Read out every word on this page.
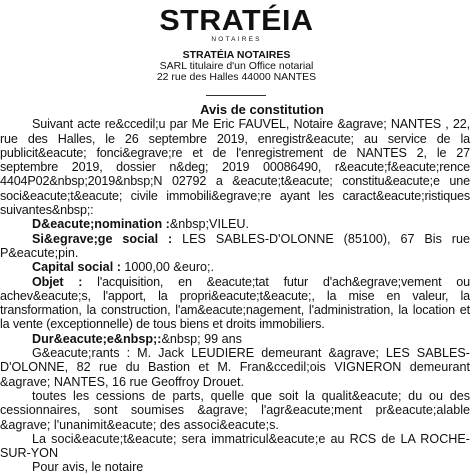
STRATÉIA
NOTAIRES
STRATÉIA NOTAIRES
SARL titulaire d'un Office notarial
22 rue des Halles 44000 NANTES
Avis de constitution

Suivant acte re&ccedil;u par Me Eric FAUVEL, Notaire &agrave; NANTES , 22, rue des Halles, le 26 septembre 2019, enregistr&eacute; au service de la publicit&eacute; fonci&egrave;re et de l'enregistrement de NANTES 2, le 27 septembre 2019, dossier n&deg; 2019 00086490, r&eacute;f&eacute;rence 4404P02&nbsp;2019&nbsp;N 02792 a &eacute;t&eacute; constitu&eacute;e une soci&eacute;t&eacute; civile immobili&egrave;re ayant les caract&eacute;ristiques suivantes&nbsp;:

D&eacute;nomination :&nbsp;VILEU.

Si&egrave;ge social : LES SABLES-D'OLONNE (85100), 67 Bis rue P&eacute;pin.

Capital social : 1000,00 &euro;.

Objet : l'acquisition, en &eacute;tat futur d'ach&egrave;vement ou achev&eacute;s, l'apport, la propri&eacute;t&eacute;, la mise en valeur, la transformation, la construction, l'am&eacute;nagement, l'administration, la location et la vente (exceptionnelle) de tous biens et droits immobiliers.

Dur&eacute;e&nbsp;:&nbsp; 99 ans

G&eacute;rants : M. Jack LEUDIERE demeurant &agrave; LES SABLES-D'OLONNE, 82 rue du Bastion et M. Fran&ccedil;ois VIGNERON demeurant &agrave; NANTES, 16 rue Geoffroy Drouet.

toutes les cessions de parts, quelle que soit la qualit&eacute; du ou des cessionnaires, sont soumises &agrave; l'agr&eacute;ment pr&eacute;alable &agrave; l'unanimit&eacute; des associ&eacute;s.

La soci&eacute;t&eacute; sera immatricul&eacute;e au RCS de LA ROCHE-SUR-YON

Pour avis, le notaire
